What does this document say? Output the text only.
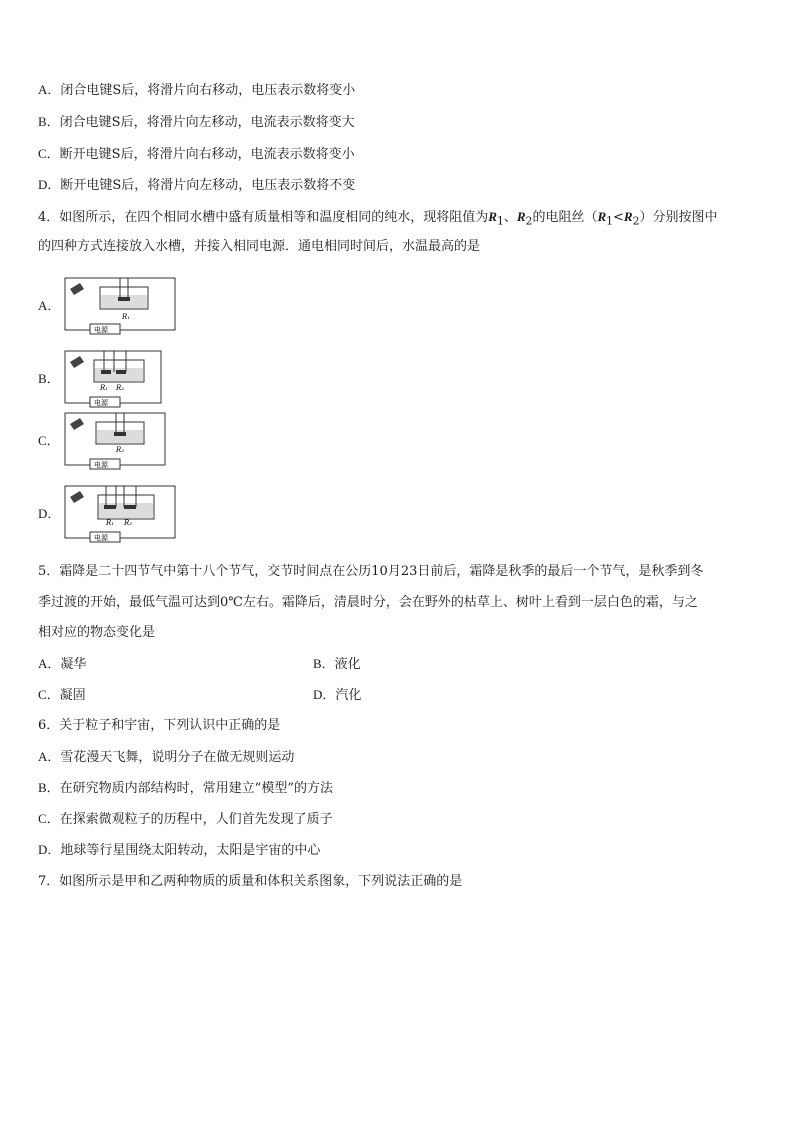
A．闭合电键S后，将滑片向右移动，电压表示数将变小
B．闭合电键S后，将滑片向左移动，电流表示数将变大
C．断开电键S后，将滑片向右移动，电流表示数将变小
D．断开电键S后，将滑片向左移动，电压表示数将不变
4．如图所示，在四个相同水槽中盛有质量相等和温度相同的纯水，现将阻值为$R_1$、$R_2$的电阻丝$(R_1<R_2)$分别按图中
的四种方式连接放入水槽，并接入相同电源．通电相同时间后，水温最高的是
A．
R₁
电源
B．
R₁ R₂
电源
C．
R₂
电源
D．
R₁ R₂
电源
5．霜降是二十四节气中第十八个节气，交节时间点在公历10月23日前后，霜降是秋季的最后一个节气，是秋季到冬
季过渡的开始，最低气温可达到0℃左右。霜降后，清晨时分，会在野外的枯草上、树叶上看到一层白色的霜，与之
相对应的物态变化是
A．凝华	B．液化
C．凝固	D．汽化
6．关于粒子和宇宙，下列认识中正确的是
A．雪花漫天飞舞，说明分子在做无规则运动
B．在研究物质内部结构时，常用建立“模型”的方法
C．在探索微观粒子的历程中，人们首先发现了质子
D．地球等行星围绕太阳转动，太阳是宇宙的中心
7．如图所示是甲和乙两种物质的质量和体积关系图象，下列说法正确的是
